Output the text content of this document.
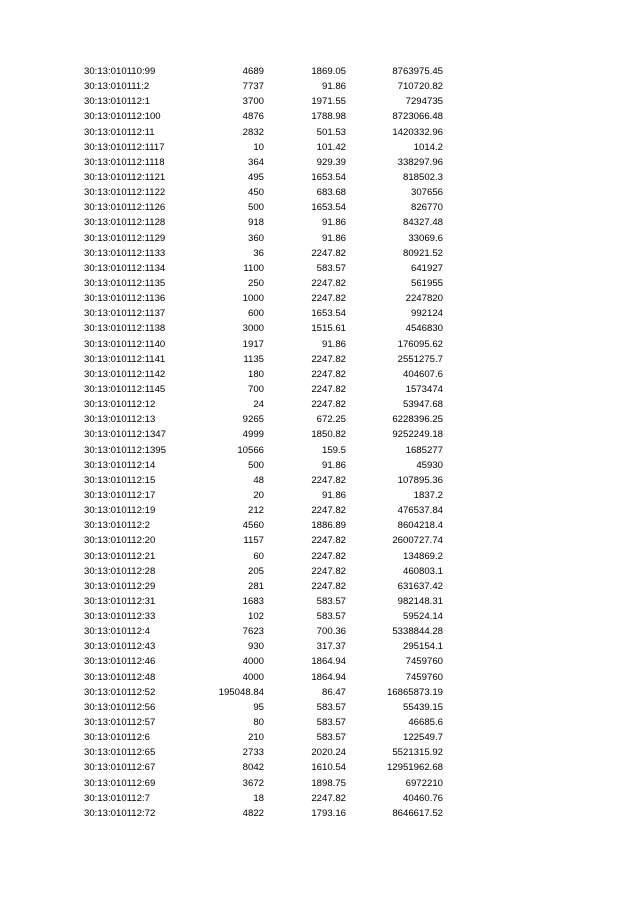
30:13:010110:99	4689	1869.05	8763975.45
30:13:010111:2	7737	91.86	710720.82
30:13:010112:1	3700	1971.55	7294735
30:13:010112:100	4876	1788.98	8723066.48
30:13:010112:11	2832	501.53	1420332.96
30:13:010112:1117	10	101.42	1014.2
30:13:010112:1118	364	929.39	338297.96
30:13:010112:1121	495	1653.54	818502.3
30:13:010112:1122	450	683.68	307656
30:13:010112:1126	500	1653.54	826770
30:13:010112:1128	918	91.86	84327.48
30:13:010112:1129	360	91.86	33069.6
30:13:010112:1133	36	2247.82	80921.52
30:13:010112:1134	1100	583.57	641927
30:13:010112:1135	250	2247.82	561955
30:13:010112:1136	1000	2247.82	2247820
30:13:010112:1137	600	1653.54	992124
30:13:010112:1138	3000	1515.61	4546830
30:13:010112:1140	1917	91.86	176095.62
30:13:010112:1141	1135	2247.82	2551275.7
30:13:010112:1142	180	2247.82	404607.6
30:13:010112:1145	700	2247.82	1573474
30:13:010112:12	24	2247.82	53947.68
30:13:010112:13	9265	672.25	6228396.25
30:13:010112:1347	4999	1850.82	9252249.18
30:13:010112:1395	10566	159.5	1685277
30:13:010112:14	500	91.86	45930
30:13:010112:15	48	2247.82	107895.36
30:13:010112:17	20	91.86	1837.2
30:13:010112:19	212	2247.82	476537.84
30:13:010112:2	4560	1886.89	8604218.4
30:13:010112:20	1157	2247.82	2600727.74
30:13:010112:21	60	2247.82	134869.2
30:13:010112:28	205	2247.82	460803.1
30:13:010112:29	281	2247.82	631637.42
30:13:010112:31	1683	583.57	982148.31
30:13:010112:33	102	583.57	59524.14
30:13:010112:4	7623	700.36	5338844.28
30:13:010112:43	930	317.37	295154.1
30:13:010112:46	4000	1864.94	7459760
30:13:010112:48	4000	1864.94	7459760
30:13:010112:52	195048.84	86.47	16865873.19
30:13:010112:56	95	583.57	55439.15
30:13:010112:57	80	583.57	46685.6
30:13:010112:6	210	583.57	122549.7
30:13:010112:65	2733	2020.24	5521315.92
30:13:010112:67	8042	1610.54	12951962.68
30:13:010112:69	3672	1898.75	6972210
30:13:010112:7	18	2247.82	40460.76
30:13:010112:72	4822	1793.16	8646617.52
